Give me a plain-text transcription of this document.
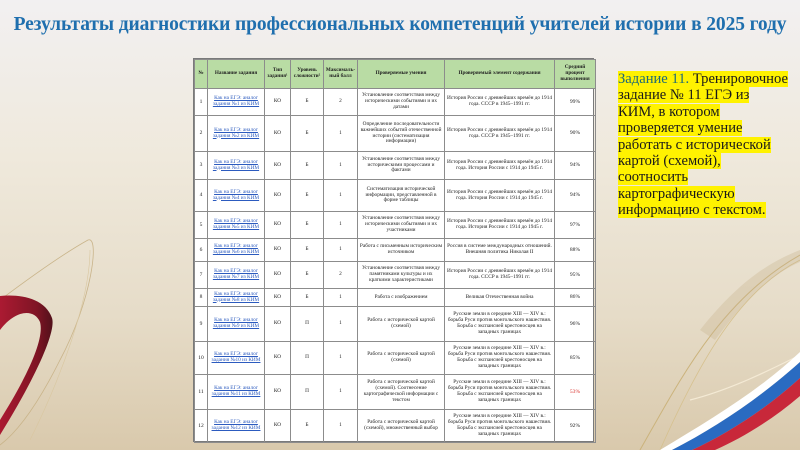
Результаты диагностики профессиональных компетенций учителей истории в 2025 году
№	Название задания	Тип задания¹	Уровень сложности²	Максималь-ный балл	Проверяемые умения	Проверяемый элемент содержания	Средний процент выполнения
1	Как на ЕГЭ: аналог задания №1 из КИМ	КО	Б	2	Установление соответствия между историческими событиями и их датами	История России с древнейших времён до 1914 года. СССР в 1945–1991 гг.	99%
2	Как на ЕГЭ: аналог задания №2 из КИМ	КО	Б	1	Определение последовательности важнейших событий отечественной истории (систематизация информации)	История России с древнейших времён до 1914 года. СССР в 1945–1991 гг.	90%
3	Как на ЕГЭ: аналог задания №3 из КИМ	КО	Б	1	Установление соответствия между историческими процессами и фактами	История России с древнейших времён до 1914 года. История России с 1914 до 1945 г.	94%
4	Как на ЕГЭ: аналог задания №4 из КИМ	КО	Б	1	Систематизация исторической информации, представленной в форме таблицы	История России с древнейших времён до 1914 года. История России с 1914 до 1945 г.	94%
5	Как на ЕГЭ: аналог задания №5 из КИМ	КО	Б	1	Установление соответствия между историческими событиями и их участниками	История России с древнейших времён до 1914 года. История России с 1914 до 1945 г.	97%
6	Как на ЕГЭ: аналог задания №6 из КИМ	КО	Б	1	Работа с письменным историческим источником	Россия в системе международных отношений. Внешняя политика Николая II	88%
7	Как на ЕГЭ: аналог задания №7 из КИМ	КО	Б	2	Установление соответствия между памятниками культуры и их краткими характеристиками	История России с древнейших времён до 1914 года. СССР в 1945–1991 гг.	95%
8	Как на ЕГЭ: аналог задания №8 из КИМ	КО	Б	1	Работа с изображением	Великая Отечественная война	86%
9	Как на ЕГЭ: аналог задания №9 из КИМ	КО	П	1	Работа с исторической картой (схемой)	Русские земли в середине XIII — XIV в.: борьба Руси против монгольского нашествия. Борьба с экспансией крестоносцев на западных границах	96%
10	Как на ЕГЭ: аналог задания №10 из КИМ	КО	П	1	Работа с исторической картой (схемой)	Русские земли в середине XIII — XIV в.: борьба Руси против монгольского нашествия. Борьба с экспансией крестоносцев на западных границах	85%
11	Как на ЕГЭ: аналог задания №11 из КИМ	КО	П	1	Работа с исторической картой (схемой). Соотнесение картографической информации с текстом	Русские земли в середине XIII — XIV в.: борьба Руси против монгольского нашествия. Борьба с экспансией крестоносцев на западных границах	53%
12	Как на ЕГЭ: аналог задания №12 из КИМ	КО	Б	1	Работа с исторической картой (схемой), множественный выбор	Русские земли в середине XIII — XIV в.: борьба Руси против монгольского нашествия. Борьба с экспансией крестоносцев на западных границах	92%
Задание 11. Тренировочное задание № 11 ЕГЭ из КИМ, в котором проверяется умение работать с исторической картой (схемой), соотносить картографическую информацию с текстом.
